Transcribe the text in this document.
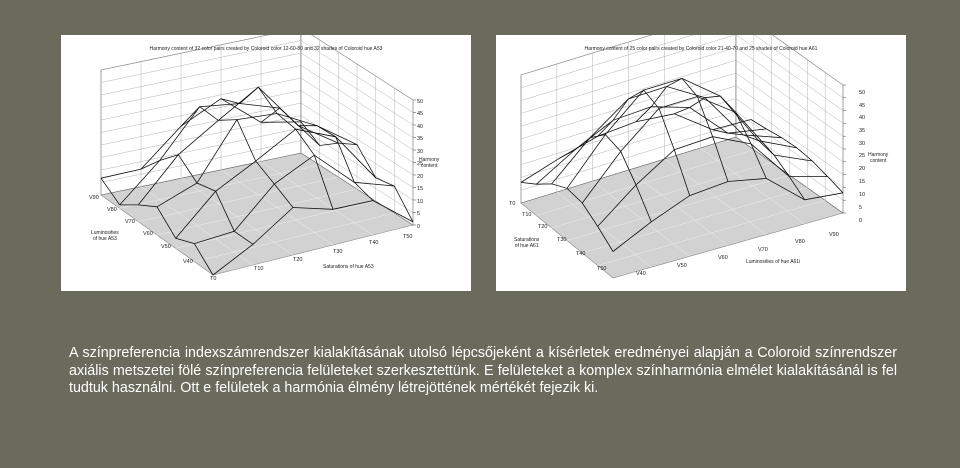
Harmony content of 32 color pairs created by Coloroid color 12-60-80 and 32 shades of Coloroid hue A53
50
45
40
35
30
25
20
15
10
5
0
Harmony
content
V90
V80
V70
V60
V50
V40
T0
Luminosities
of hue A53
T10
T20
T30
T40
T50
Saturations of hue A53
Harmony content of 25 color pairs created by Coloroid color 21-40-70 and 25 shades of Coloroid hue A61
50
45
40
35
30
25
20
15
10
5
0
Harmony
content
T0
T10
T20
T30
T40
T50
Saturations
of hue A61
V40
V50
V60
V70
V80
V90
Luminosities of hue A61i

A színpreferencia indexszámrendszer kialakításának utolsó lépcsőjeként a kísérletek eredményei alapján a Coloroid színrendszer axiális metszetei fölé színpreferencia felületeket szerkesztettünk. E felületeket a komplex színharmónia elmélet kialakításánál is fel tudtuk használni. Ott e felületek a harmónia élmény létrejöttének mértékét fejezik ki.
